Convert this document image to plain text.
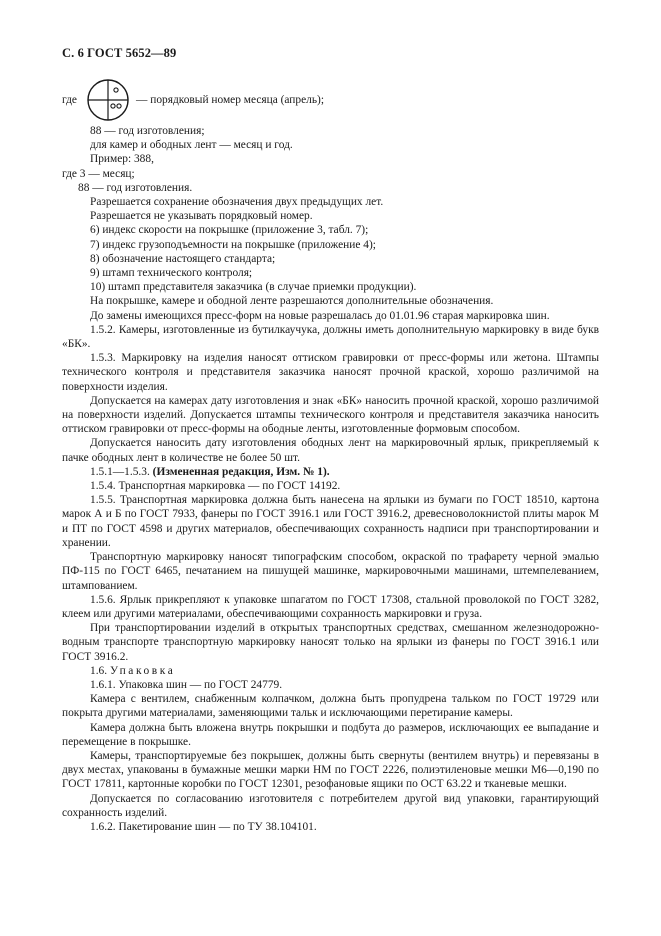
С. 6 ГОСТ 5652—89
где	— порядковый номер месяца (апрель);

88 — год изготовления;

для камер и ободных лент — месяц и год.

Пример: 388,

где 3 — месяц;

88 — год изготовления.

Разрешается сохранение обозначения двух предыдущих лет.

Разрешается не указывать порядковый номер.

6) индекс скорости на покрышке (приложение 3, табл. 7);

7) индекс грузоподъемности на покрышке (приложение 4);

8) обозначение настоящего стандарта;

9) штамп технического контроля;

10) штамп представителя заказчика (в случае приемки продукции).

На покрышке, камере и ободной ленте разрешаются дополнительные обозначения.

До замены имеющихся пресс-форм на новые разрешалась до 01.01.96 старая маркировка шин.

1.5.2. Камеры, изготовленные из бутилкаучука, должны иметь дополнительную маркировку в виде букв «БК».

1.5.3. Маркировку на изделия наносят оттиском гравировки от пресс-формы или жетона. Штампы технического контроля и представителя заказчика наносят прочной краской, хорошо различимой на поверхности изделия.

Допускается на камерах дату изготовления и знак «БК» наносить прочной краской, хорошо различимой на поверхности изделий. Допускается штампы технического контроля и представителя заказчика наносить оттиском гравировки от пресс-формы на ободные ленты, изготовленные формовым способом.

Допускается наносить дату изготовления ободных лент на маркировочный ярлык, прикрепляемый к пачке ободных лент в количестве не более 50 шт.

1.5.1—1.5.3. (Измененная редакция, Изм. № 1).

1.5.4. Транспортная маркировка — по ГОСТ 14192.

1.5.5. Транспортная маркировка должна быть нанесена на ярлыки из бумаги по ГОСТ 18510, картона марок А и Б по ГОСТ 7933, фанеры по ГОСТ 3916.1 или ГОСТ 3916.2, древесноволокнистой плиты марок М и ПТ по ГОСТ 4598 и других материалов, обеспечивающих сохранность надписи при транспортировании и хранении.

Транспортную маркировку наносят типографским способом, окраской по трафарету черной эмалью ПФ-115 по ГОСТ 6465, печатанием на пишущей машинке, маркировочными машинами, штемпелеванием, штампованием.

1.5.6. Ярлык прикрепляют к упаковке шпагатом по ГОСТ 17308, стальной проволокой по ГОСТ 3282, клеем или другими материалами, обеспечивающими сохранность маркировки и груза.

При транспортировании изделий в открытых транспортных средствах, смешанном железнодорожно-водным транспорте транспортную маркировку наносят только на ярлыки из фанеры по ГОСТ 3916.1 или ГОСТ 3916.2.

1.6. Упаковка

1.6.1. Упаковка шин — по ГОСТ 24779.

Камера с вентилем, снабженным колпачком, должна быть пропудрена тальком по ГОСТ 19729 или покрыта другими материалами, заменяющими тальк и исключающими перетирание камеры.

Камера должна быть вложена внутрь покрышки и подбута до размеров, исключающих ее выпадание и перемещение в покрышке.

Камеры, транспортируемые без покрышек, должны быть свернуты (вентилем внутрь) и перевязаны в двух местах, упакованы в бумажные мешки марки НМ по ГОСТ 2226, полиэтиленовые мешки М6—0,190 по ГОСТ 17811, картонные коробки по ГОСТ 12301, резофановые ящики по ОСТ 63.22 и тканевые мешки.

Допускается по согласованию изготовителя с потребителем другой вид упаковки, гарантирующий сохранность изделий.

1.6.2. Пакетирование шин — по ТУ 38.104101.
